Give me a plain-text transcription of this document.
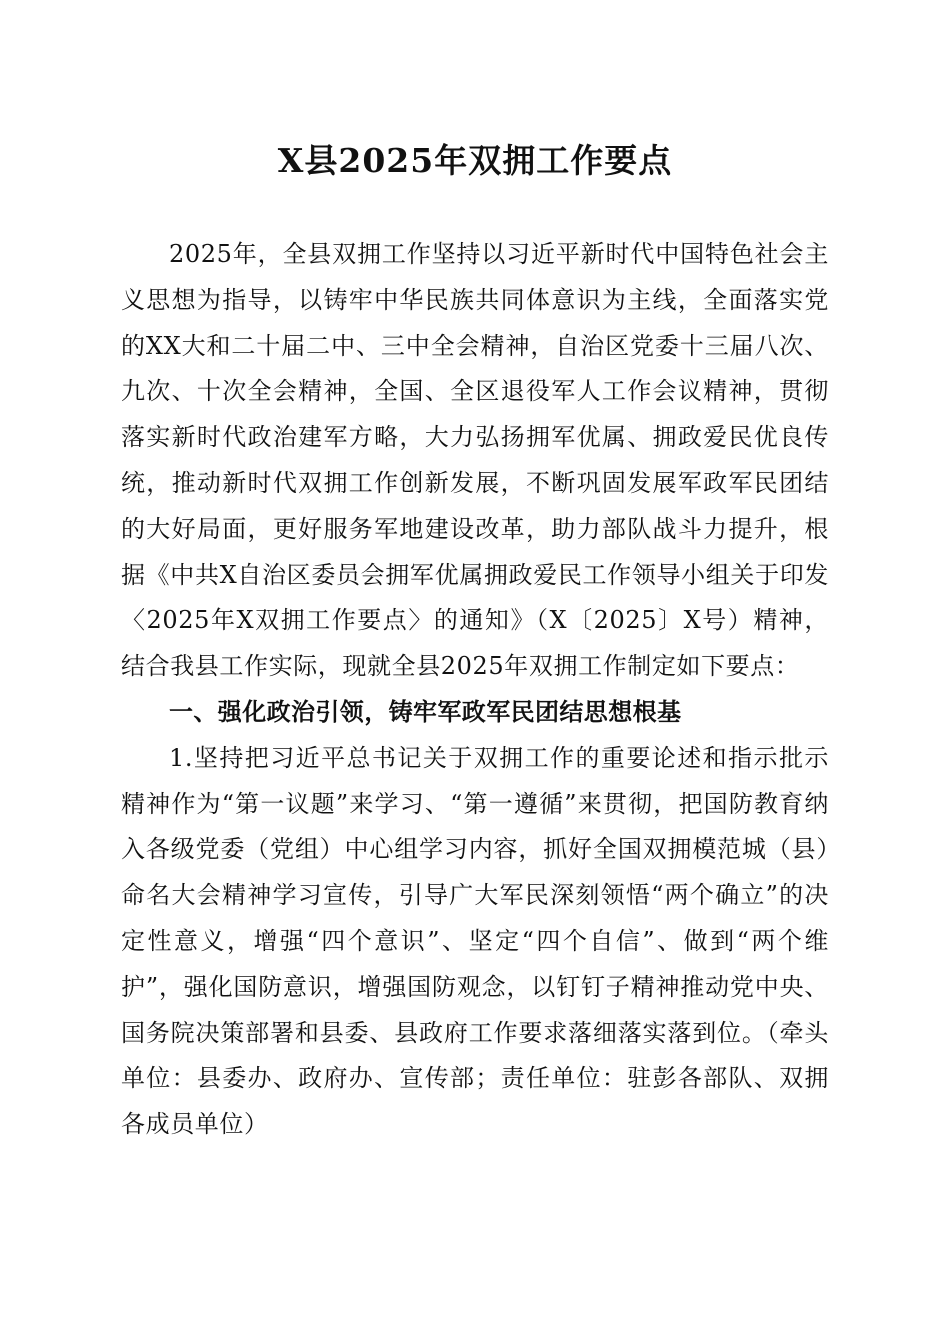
X县2025年双拥工作要点

2025年，全县双拥工作坚持以习近平新时代中国特色社会主义思想为指导，以铸牢中华民族共同体意识为主线，全面落实党的XX大和二十届二中、三中全会精神，自治区党委十三届八次、九次、十次全会精神，全国、全区退役军人工作会议精神，贯彻落实新时代政治建军方略，大力弘扬拥军优属、拥政爱民优良传统，推动新时代双拥工作创新发展，不断巩固发展军政军民团结的大好局面，更好服务军地建设改革，助力部队战斗力提升，根据《中共X自治区委员会拥军优属拥政爱民工作领导小组关于印发〈2025年X双拥工作要点〉的通知》（X〔2025〕X号）精神，结合我县工作实际，现就全县2025年双拥工作制定如下要点：

一、强化政治引领，铸牢军政军民团结思想根基

1.坚持把习近平总书记关于双拥工作的重要论述和指示批示精神作为“第一议题”来学习、“第一遵循”来贯彻，把国防教育纳入各级党委（党组）中心组学习内容，抓好全国双拥模范城（县）命名大会精神学习宣传，引导广大军民深刻领悟“两个确立”的决定性意义，增强“四个意识”、坚定“四个自信”、做到“两个维护”，强化国防意识，增强国防观念，以钉钉子精神推动党中央、国务院决策部署和县委、县政府工作要求落细落实落到位。（牵头单位：县委办、政府办、宣传部；责任单位：驻彭各部队、双拥各成员单位）
